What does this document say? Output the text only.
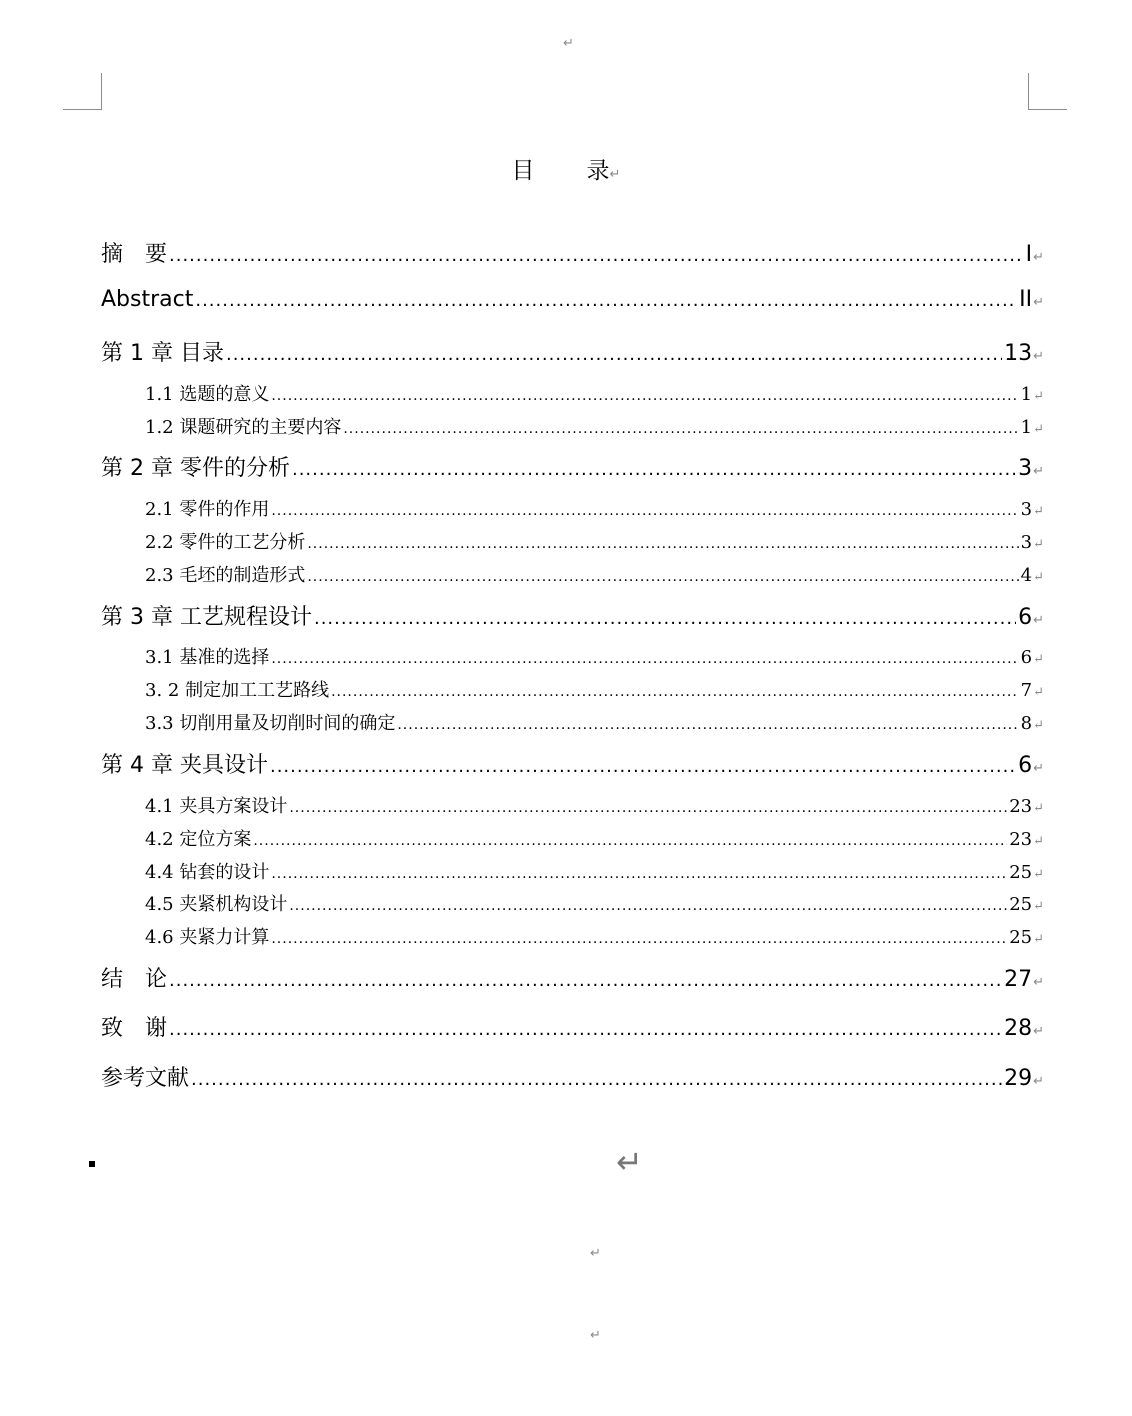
↵
目 录↵
摘　要 .....	I ↵
Abstract .....	II ↵
第 1 章 目录 .....	13 ↵
1.1 选题的意义 .....	1 ↵
1.2 课题研究的主要内容 .....	1 ↵
第 2 章 零件的分析 .....	3 ↵
2.1 零件的作用 .....	3 ↵
2.2 零件的工艺分析 .....	3 ↵
2.3 毛坯的制造形式 .....	4 ↵
第 3 章 工艺规程设计 .....	6 ↵
3.1 基准的选择 .....	6 ↵
3. 2 制定加工工艺路线 .....	7 ↵
3.3 切削用量及切削时间的确定 .....	8 ↵
第 4 章 夹具设计 .....	6 ↵
4.1 夹具方案设计 .....	23 ↵
4.2 定位方案 .....	23 ↵
4.4 钻套的设计 .....	25 ↵
4.5 夹紧机构设计 .....	25 ↵
4.6 夹紧力计算 .....	25 ↵
结　论 .....	27 ↵
致　谢 .....	28 ↵
参考文献 .....	29 ↵
↵
↵
↵
